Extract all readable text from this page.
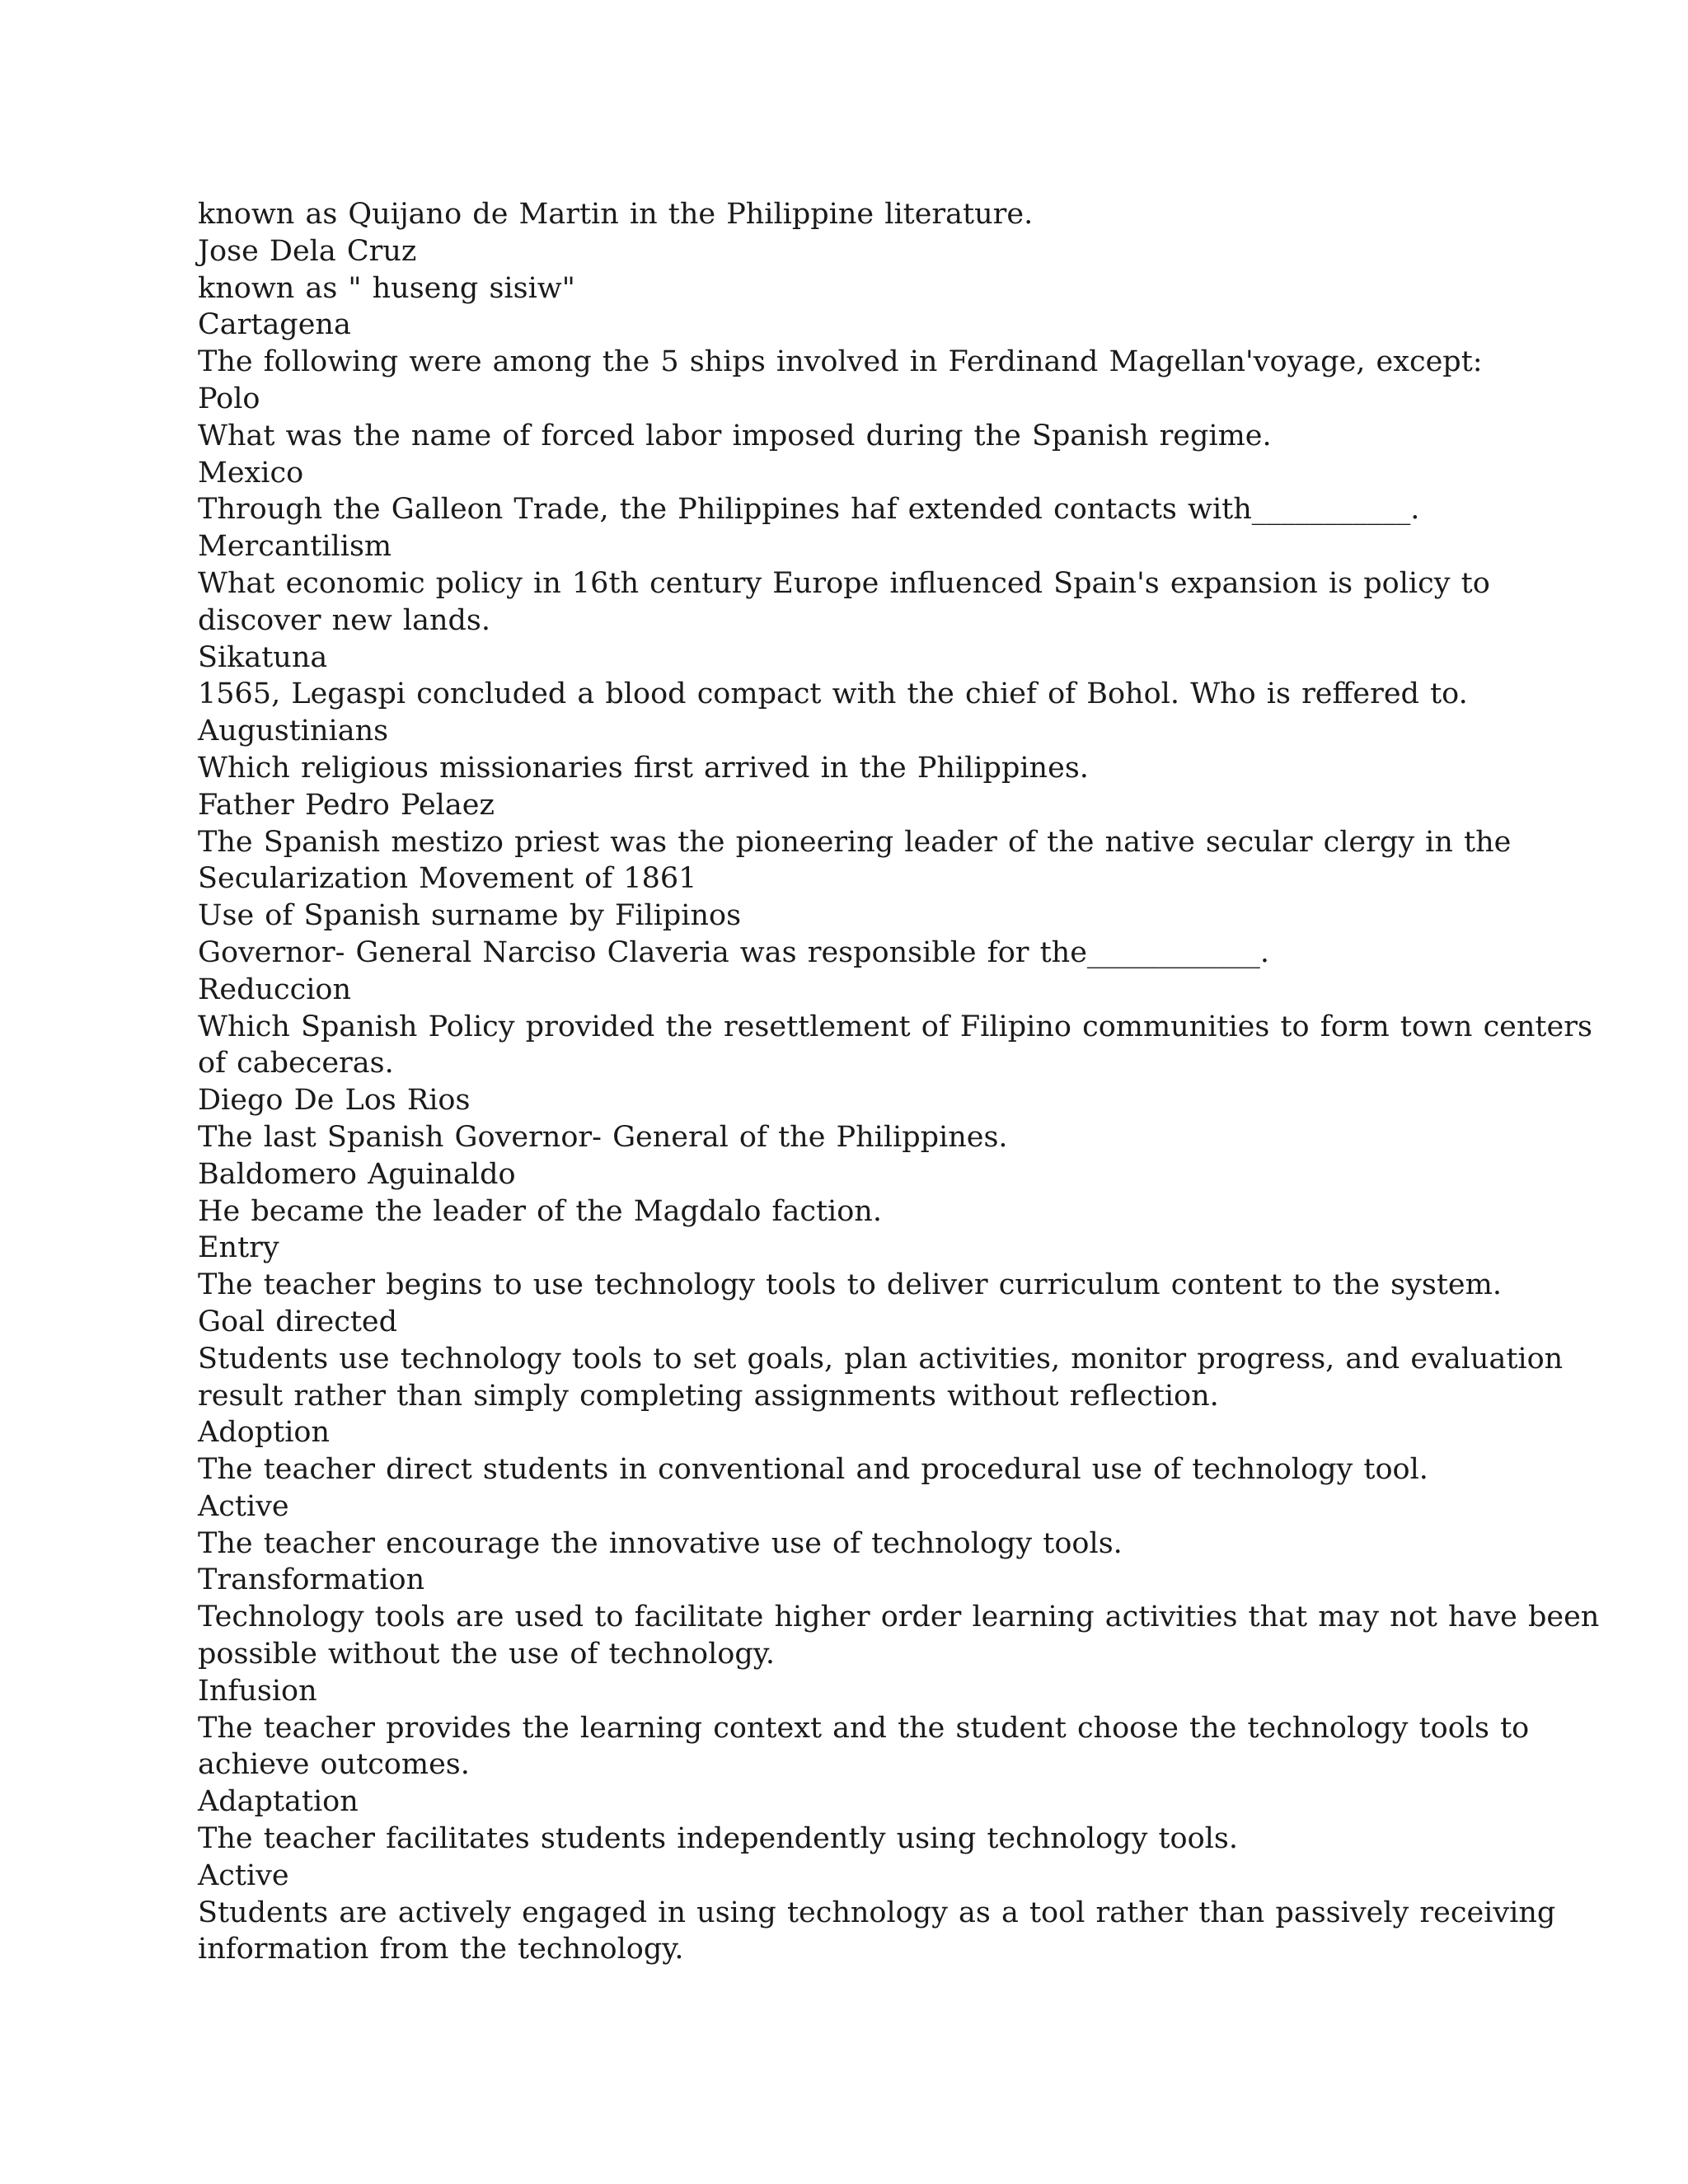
known as Quijano de Martin in the Philippine literature.
Jose Dela Cruz
known as " huseng sisiw"
Cartagena
The following were among the 5 ships involved in Ferdinand Magellan'voyage, except:
Polo
What was the name of forced labor imposed during the Spanish regime.
Mexico
Through the Galleon Trade, the Philippines haf extended contacts with___________.
Mercantilism
What economic policy in 16th century Europe influenced Spain's expansion is policy to
discover new lands.
Sikatuna
1565, Legaspi concluded a blood compact with the chief of Bohol. Who is reffered to.
Augustinians
Which religious missionaries first arrived in the Philippines.
Father Pedro Pelaez
The Spanish mestizo priest was the pioneering leader of the native secular clergy in the
Secularization Movement of 1861
Use of Spanish surname by Filipinos
Governor- General Narciso Claveria was responsible for the____________.
Reduccion
Which Spanish Policy provided the resettlement of Filipino communities to form town centers
of cabeceras.
Diego De Los Rios
The last Spanish Governor- General of the Philippines.
Baldomero Aguinaldo
He became the leader of the Magdalo faction.
Entry
The teacher begins to use technology tools to deliver curriculum content to the system.
Goal directed
Students use technology tools to set goals, plan activities, monitor progress, and evaluation
result rather than simply completing assignments without reflection.
Adoption
The teacher direct students in conventional and procedural use of technology tool.
Active
The teacher encourage the innovative use of technology tools.
Transformation
Technology tools are used to facilitate higher order learning activities that may not have been
possible without the use of technology.
Infusion
The teacher provides the learning context and the student choose the technology tools to
achieve outcomes.
Adaptation
The teacher facilitates students independently using technology tools.
Active
Students are actively engaged in using technology as a tool rather than passively receiving
information from the technology.
